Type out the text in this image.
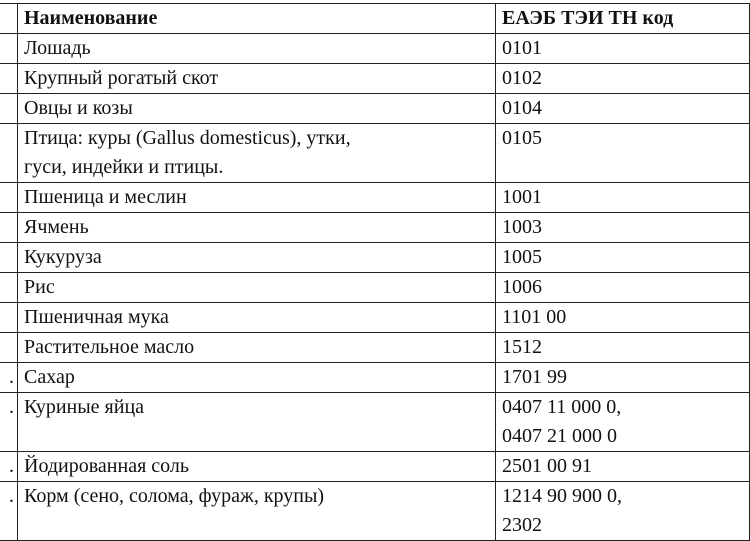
	Наименование	ЕАЭБ ТЭИ ТН код

	Лошадь	0101

	Крупный рогатый скот	0102

	Овцы и козы	0104

	Птица: куры (Gallus domesticus), утки,
гуси, индейки и птицы.	0105

	Пшеница и меслин	1001

	Ячмень	1003

	Кукуруза	1005

	Рис	1006

	Пшеничная мука	1101 00

	Растительное масло	1512

.	Сахар	1701 99

.	Куриные яйца	0407 11 000 0,
0407 21 000 0

.	Йодированная соль	2501 00 91

.	Корм (сено, солома, фураж, крупы)	1214 90 900 0,
2302
